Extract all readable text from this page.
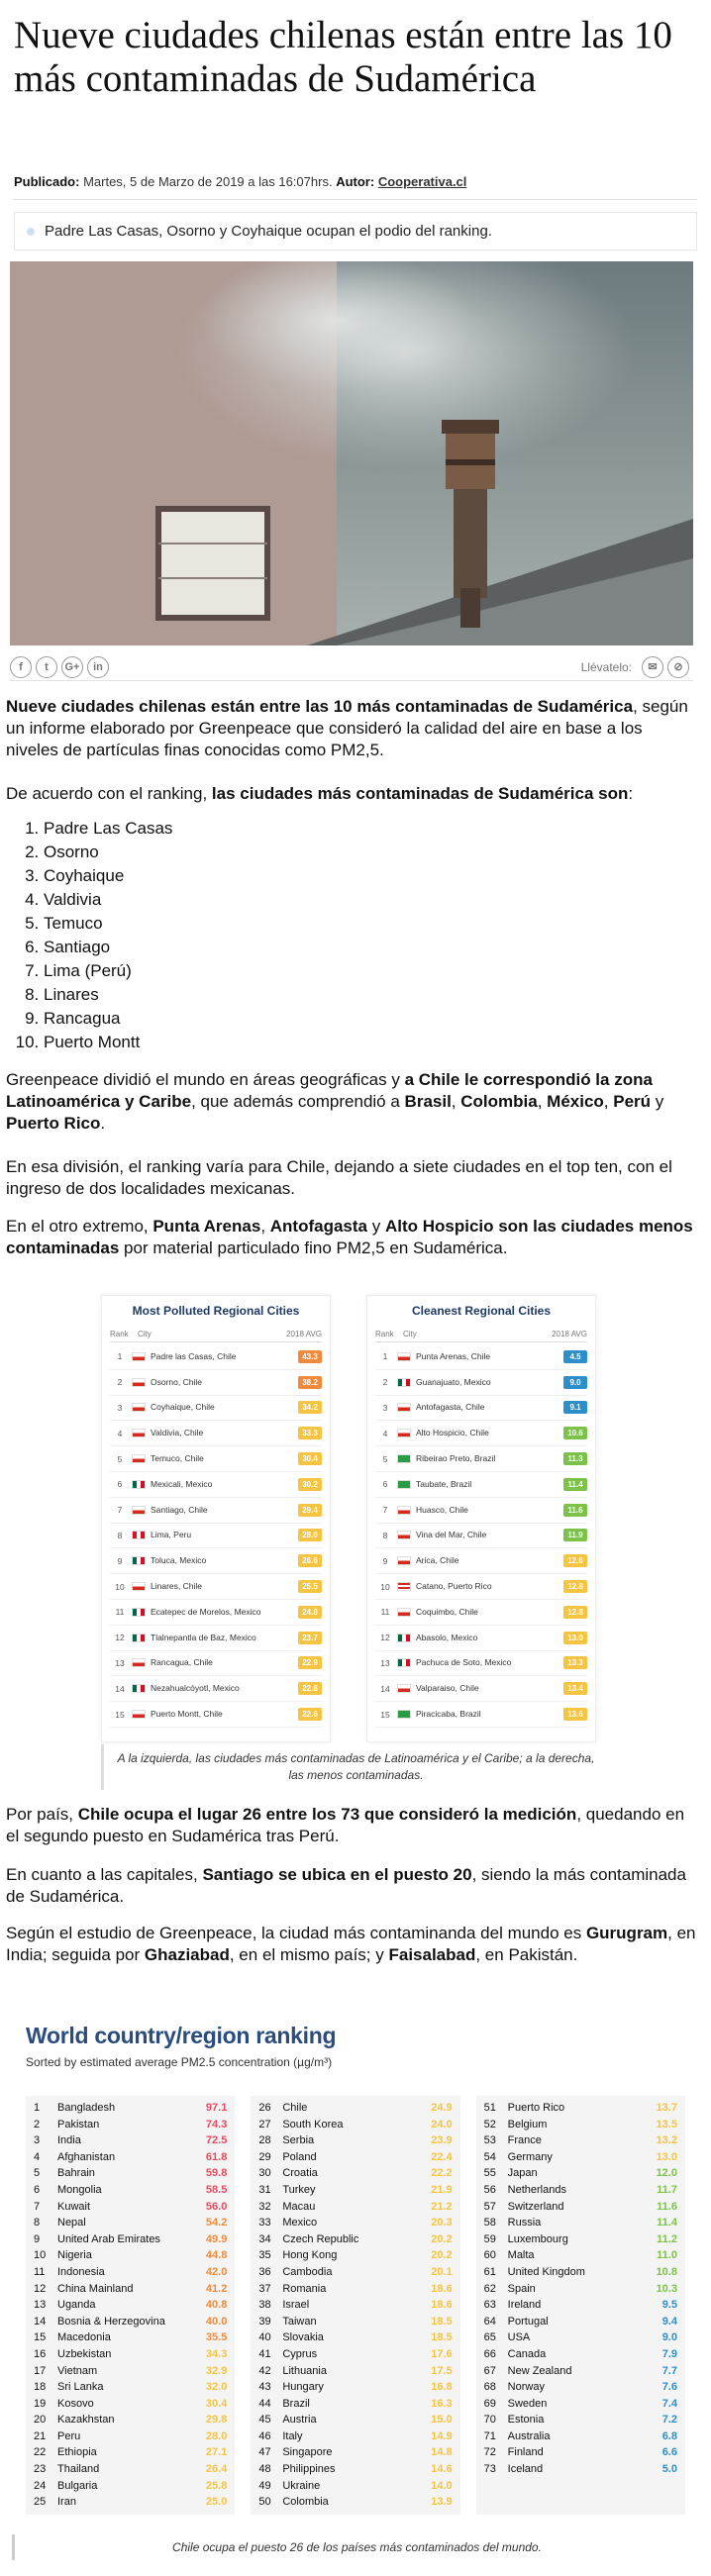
Nueve ciudades chilenas están entre las 10 más contaminadas de Sudamérica
Publicado: Martes, 5 de Marzo de 2019 a las 16:07hrs. Autor: Cooperativa.cl
Padre Las Casas, Osorno y Coyhaique ocupan el podio del ranking.
f	t	G+	in	Llévatelo:	✉	⊘

Nueve ciudades chilenas están entre las 10 más contaminadas de Sudamérica, según un informe elaborado por Greenpeace que consideró la calidad del aire en base a los niveles de partículas finas conocidas como PM2,5.

De acuerdo con el ranking, las ciudades más contaminadas de Sudamérica son:

1. Padre Las Casas
2. Osorno
3. Coyhaique
4. Valdivia
5. Temuco
6. Santiago
7. Lima (Perú)
8. Linares
9. Rancagua
10. Puerto Montt

Greenpeace dividió el mundo en áreas geográficas y a Chile le correspondió la zona Latinoamérica y Caribe, que además comprendió a Brasil, Colombia, México, Perú y Puerto Rico.

En esa división, el ranking varía para Chile, dejando a siete ciudades en el top ten, con el ingreso de dos localidades mexicanas.

En el otro extremo, Punta Arenas, Antofagasta y Alto Hospicio son las ciudades menos contaminadas por material particulado fino PM2,5 en Sudamérica.

Most Polluted Regional Cities
Rank	City	2018 AVG
1	Padre las Casas, Chile	43.3
2	Osorno, Chile	38.2
3	Coyhaique, Chile	34.2
4	Valdivia, Chile	33.3
5	Temuco, Chile	30.4
6	Mexicali, Mexico	30.2
7	Santiago, Chile	29.4
8	Lima, Peru	28.0
9	Toluca, Mexico	26.6
10	Linares, Chile	25.5
11	Ecatepec de Morelos, Mexico	24.8
12	Tlalnepantla de Baz, Mexico	23.7
13	Rancagua, Chile	22.9
14	Nezahualcóyotl, Mexico	22.8
15	Puerto Montt, Chile	22.6
Cleanest Regional Cities
Rank	City	2018 AVG
1	Punta Arenas, Chile	4.5
2	Guanajuato, Mexico	9.0
3	Antofagasta, Chile	9.1
4	Alto Hospicio, Chile	10.6
5	Ribeirao Preto, Brazil	11.3
6	Taubate, Brazil	11.4
7	Huasco, Chile	11.6
8	Vina del Mar, Chile	11.9
9	Arica, Chile	12.6
10	Catano, Puerto Rico	12.8
11	Coquimbo, Chile	12.8
12	Abasolo, Mexico	13.0
13	Pachuca de Soto, Mexico	13.3
14	Valparaiso, Chile	13.4
15	Piracicaba, Brazil	13.6
A la izquierda, las ciudades más contaminadas de Latinoamérica y el Caribe; a la derecha, las menos contaminadas.

Por país, Chile ocupa el lugar 26 entre los 73 que consideró la medición, quedando en el segundo puesto en Sudamérica tras Perú.

En cuanto a las capitales, Santiago se ubica en el puesto 20, siendo la más contaminada de Sudamérica.

Según el estudio de Greenpeace, la ciudad más contaminanda del mundo es Gurugram, en India; seguida por Ghaziabad, en el mismo país; y Faisalabad, en Pakistán.

World country/region ranking
Sorted by estimated average PM2.5 concentration (µg/m³)
1	Bangladesh	97.1
2	Pakistan	74.3
3	India	72.5
4	Afghanistan	61.8
5	Bahrain	59.8
6	Mongolia	58.5
7	Kuwait	56.0
8	Nepal	54.2
9	United Arab Emirates	49.9
10	Nigeria	44.8
11	Indonesia	42.0
12	China Mainland	41.2
13	Uganda	40.8
14	Bosnia & Herzegovina	40.0
15	Macedonia	35.5
16	Uzbekistan	34.3
17	Vietnam	32.9
18	Sri Lanka	32.0
19	Kosovo	30.4
20	Kazakhstan	29.8
21	Peru	28.0
22	Ethiopia	27.1
23	Thailand	26.4
24	Bulgaria	25.8
25	Iran	25.0
26	Chile	24.9
27	South Korea	24.0
28	Serbia	23.9
29	Poland	22.4
30	Croatia	22.2
31	Turkey	21.9
32	Macau	21.2
33	Mexico	20.3
34	Czech Republic	20.2
35	Hong Kong	20.2
36	Cambodia	20.1
37	Romania	18.6
38	Israel	18.6
39	Taiwan	18.5
40	Slovakia	18.5
41	Cyprus	17.6
42	Lithuania	17.5
43	Hungary	16.8
44	Brazil	16.3
45	Austria	15.0
46	Italy	14.9
47	Singapore	14.8
48	Philippines	14.6
49	Ukraine	14.0
50	Colombia	13.9
51	Puerto Rico	13.7
52	Belgium	13.5
53	France	13.2
54	Germany	13.0
55	Japan	12.0
56	Netherlands	11.7
57	Switzerland	11.6
58	Russia	11.4
59	Luxembourg	11.2
60	Malta	11.0
61	United Kingdom	10.8
62	Spain	10.3
63	Ireland	9.5
64	Portugal	9.4
65	USA	9.0
66	Canada	7.9
67	New Zealand	7.7
68	Norway	7.6
69	Sweden	7.4
70	Estonia	7.2
71	Australia	6.8
72	Finland	6.6
73	Iceland	5.0
Chile ocupa el puesto 26 de los países más contaminados del mundo.
